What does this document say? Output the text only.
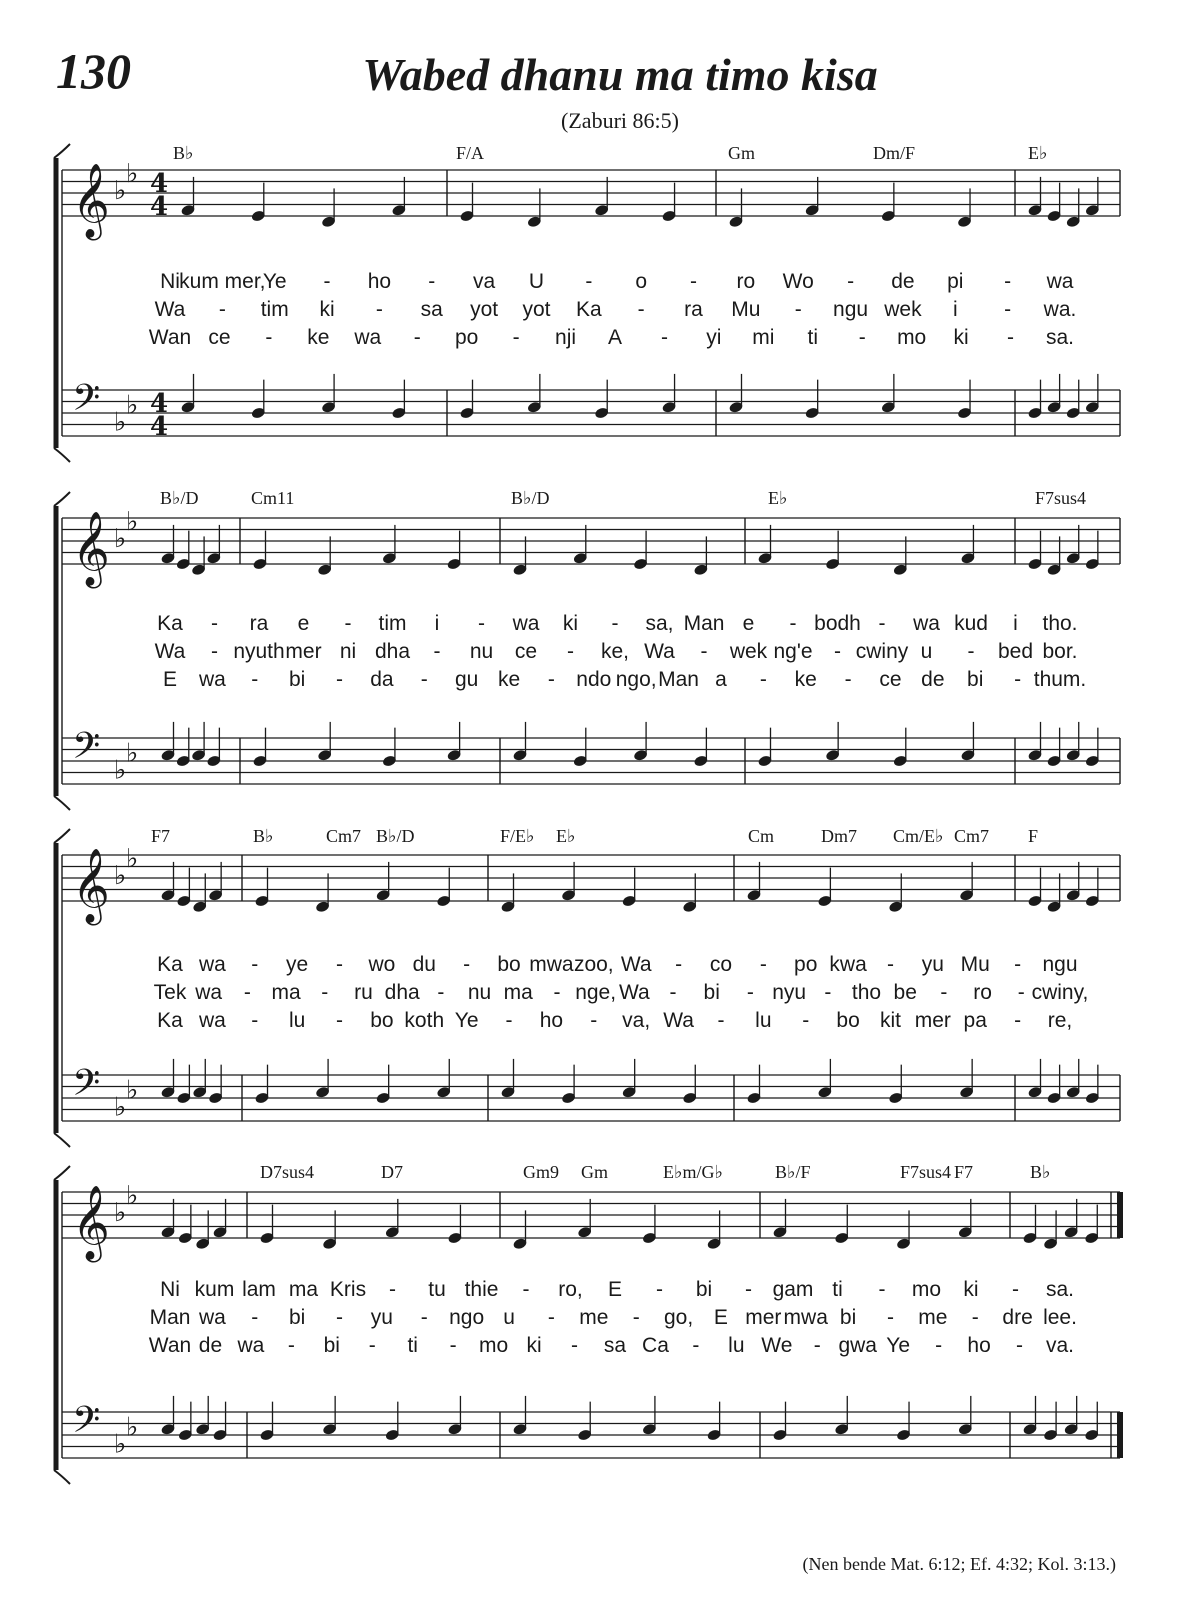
130	Wabed dhanu ma timo kisa
(Zaburi 86:5)
𝄞 ♭
♭ 4
4
𝄢 ♭
♭ 4
4
B♭	F/A	Gm	Dm/F	E♭
Ni kum mer,
Ye - ho - va U - o - ro Wo - de pi - wa
Wa - tim ki - sa yot yot Ka - ra Mu - ngu wek i - wa.
Wan ce - ke wa - po - nji A - yi mi ti - mo ki - sa.
𝄞 ♭
♭
𝄢 ♭
♭
B♭/D	Cm11	B♭/D	E♭	F7sus4
Ka - ra e - tim i - wa ki - sa, Man e - bodh - wa kud i tho.
Wa - nyuth mer ni dha - nu ce - ke, Wa - wek ng'e - cwiny u - bed bor.
E wa - bi - da - gu ke - ndo ngo, Man a - ke - ce de bi - thum.
𝄞 ♭
♭
𝄢 ♭
♭
F7	B♭	Cm7 B♭/D	F/E♭ E♭	Cm	Dm7 Cm/E♭ Cm7 F
Ka wa - ye - wo du - bo mwa zoo, Wa - co - po kwa - yu Mu - ngu
Tek wa - ma - ru dha - nu ma - nge, Wa - bi - nyu - tho be - ro - cwiny,
Ka wa - lu - bo koth Ye - ho - va, Wa - lu - bo kit mer pa - re,
𝄞 ♭
♭
𝄢 ♭
♭
D7sus4	D7	Gm9 Gm	E♭m/G♭	B♭/F	F7sus4 F7	B♭
Ni kum lam ma Kris - tu thie - ro, E - bi - gam ti - mo ki - sa.
Man wa - bi - yu - ngo u - me - go, E mer mwa bi - me - dre lee.
Wan de wa - bi - ti - mo ki - sa Ca - lu We - gwa Ye - ho - va.
(Nen bende Mat. 6:12; Ef. 4:32; Kol. 3:13.)
